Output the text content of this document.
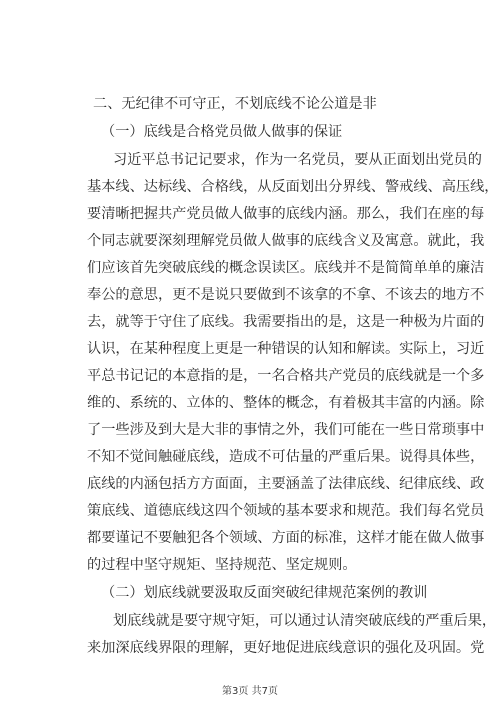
二、无纪律不可守正，不划底线不论公道是非
（一）底线是合格党员做人做事的保证
习近平总书记记要求，作为一名党员，要从正面划出党员的
基本线、达标线、合格线，从反面划出分界线、警戒线、高压线，
要清晰把握共产党员做人做事的底线内涵。那么，我们在座的每
个同志就要深刻理解党员做人做事的底线含义及寓意。就此，我
们应该首先突破底线的概念误读区。底线并不是简简单单的廉洁
奉公的意思，更不是说只要做到不该拿的不拿、不该去的地方不
去，就等于守住了底线。我需要指出的是，这是一种极为片面的
认识，在某种程度上更是一种错误的认知和解读。实际上，习近
平总书记记的本意指的是，一名合格共产党员的底线就是一个多
维的、系统的、立体的、整体的概念，有着极其丰富的内涵。除
了一些涉及到大是大非的事情之外，我们可能在一些日常琐事中
不知不觉间触碰底线，造成不可估量的严重后果。说得具体些，
底线的内涵包括方方面面，主要涵盖了法律底线、纪律底线、政
策底线、道德底线这四个领域的基本要求和规范。我们每名党员
都要谨记不要触犯各个领域、方面的标准，这样才能在做人做事
的过程中坚守规矩、坚持规范、坚定规则。
（二）划底线就要汲取反面突破纪律规范案例的教训
划底线就是要守规守矩，可以通过认清突破底线的严重后果，
来加深底线界限的理解，更好地促进底线意识的强化及巩固。党
第3页 共7页
